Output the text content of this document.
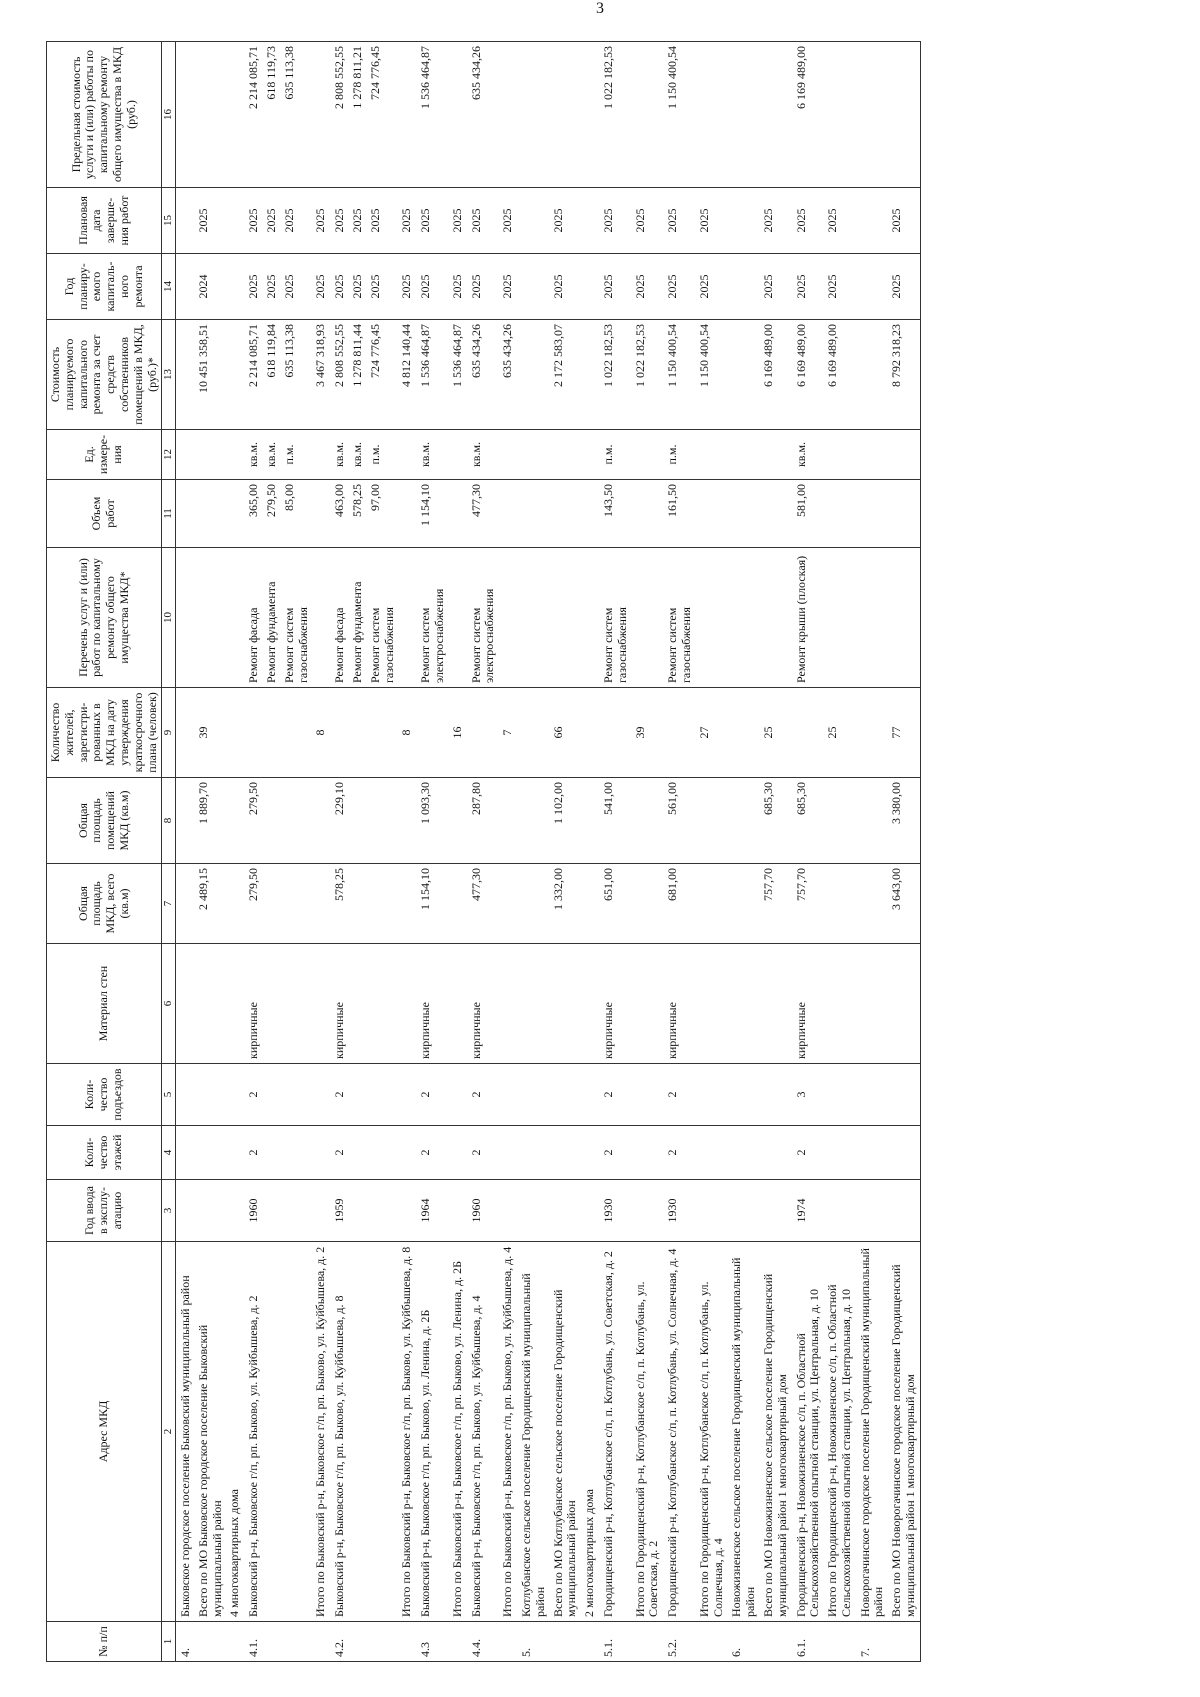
3
№ п/п	Адрес МКД	Год ввода в эксплу-атацию	Коли-чество этажей	Коли-чество подъездов	Материал стен	Общая площадь МКД, всего (кв.м)	Общая площадь помещений МКД (кв.м)	Количество жителей, зарегистри-рованных в МКД на дату утверждения краткосрочного плана (человек)	Перечень услуг и (или) работ по капитальному ремонту общего имущества МКД*	Объем работ	Ед. измере-ния	Стоимость планируемого капитального ремонта за счет средств собственников помещений в МКД, (руб.)*	Год планиру-емого капиталь-ного ремонта	Плановая дата заверше-ния работ	Предельная стоимость услуги и (или) работы по капитальному ремонту общего имущества в МКД (руб.)
1	2	3	4	5	6	7	8	9	10	11	12	13	14	15	16
4.	Быковское городское поселение Быковский муниципальный район														
	Всего по МО Быковское городское поселение Быковский муниципальный район					2 489,15	1 889,70	39				10 451 358,51	2024	2025	
	4 многоквартирных дома														
4.1.	Быковский р-н, Быковское г/п, рп. Быково, ул. Куйбышева, д. 2	1960	2	2	кирпичные	279,50	279,50		Ремонт фасада	365,00	кв.м.	2 214 085,71	2025	2025	2 214 085,71
									Ремонт фундамента	279,50	кв.м.	618 119,84	2025	2025	618 119,73
									Ремонт систем газоснабжения	85,00	п.м.	635 113,38	2025	2025	635 113,38
	Итого по Быковский р-н, Быковское г/п, рп. Быково, ул. Куйбышева, д. 2							8				3 467 318,93	2025	2025	
4.2.	Быковский р-н, Быковское г/п, рп. Быково, ул. Куйбышева, д. 8	1959	2	2	кирпичные	578,25	229,10		Ремонт фасада	463,00	кв.м.	2 808 552,55	2025	2025	2 808 552,55
									Ремонт фундамента	578,25	кв.м.	1 278 811,44	2025	2025	1 278 811,21
									Ремонт систем газоснабжения	97,00	п.м.	724 776,45	2025	2025	724 776,45
	Итого по Быковский р-н, Быковское г/п, рп. Быково, ул. Куйбышева, д. 8							8				4 812 140,44	2025	2025	
4.3	Быковский р-н, Быковское г/п, рп. Быково, ул. Ленина, д. 2Б	1964	2	2	кирпичные	1 154,10	1 093,30		Ремонт систем электроснабжения	1 154,10	кв.м.	1 536 464,87	2025	2025	1 536 464,87
	Итого по Быковский р-н, Быковское г/п, рп. Быково, ул. Ленина, д. 2Б							16				1 536 464,87	2025	2025	
4.4.	Быковский р-н, Быковское г/п, рп. Быково, ул. Куйбышева, д. 4	1960	2	2	кирпичные	477,30	287,80		Ремонт систем электроснабжения	477,30	кв.м.	635 434,26	2025	2025	635 434,26
	Итого по Быковский р-н, Быковское г/п, рп. Быково, ул. Куйбышева, д. 4							7				635 434,26	2025	2025	
5.	Котлубанское сельское поселение Городищенский муниципальный район														
	Всего по МО Котлубанское сельское поселение Городищенский муниципальный район					1 332,00	1 102,00	66				2 172 583,07	2025	2025	
	2 многоквартирных дома														
5.1.	Городищенский р-н, Котлубанское с/п, п. Котлубань, ул. Советская, д. 2	1930	2	2	кирпичные	651,00	541,00		Ремонт систем газоснабжения	143,50	п.м.	1 022 182,53	2025	2025	1 022 182,53
	Итого по Городищенский р-н, Котлубанское с/п, п. Котлубань, ул. Советская, д. 2							39				1 022 182,53	2025	2025	
5.2.	Городищенский р-н, Котлубанское с/п, п. Котлубань, ул. Солнечная, д. 4	1930	2	2	кирпичные	681,00	561,00		Ремонт систем газоснабжения	161,50	п.м.	1 150 400,54	2025	2025	1 150 400,54
	Итого по Городищенский р-н, Котлубанское с/п, п. Котлубань, ул. Солнечная, д. 4							27				1 150 400,54	2025	2025	
6.	Новожизненское сельское поселение Городищенский муниципальный район														
	Всего по МО Новожизненское сельское поселение Городищенский муниципальный район 1 многоквартирный дом					757,70	685,30	25				6 169 489,00	2025	2025	
6.1.	Городищенский р-н, Новожизненское с/п, п. Областной Сельскохозяйственной опытной станции, ул. Центральная, д. 10	1974	2	3	кирпичные	757,70	685,30		Ремонт крыши (плоская)	581,00	кв.м.	6 169 489,00	2025	2025	6 169 489,00
	Итого по Городищенский р-н, Новожизненское с/п, п. Областной Сельскохозяйственной опытной станции, ул. Центральная, д. 10							25				6 169 489,00	2025	2025	
7.	Новорогачинское городское поселение Городищенский муниципальный район														
	Всего по МО Новорогачинское городское поселение Городищенский муниципальный район 1 многоквартирный дом					3 643,00	3 380,00	77				8 792 318,23	2025	2025	
